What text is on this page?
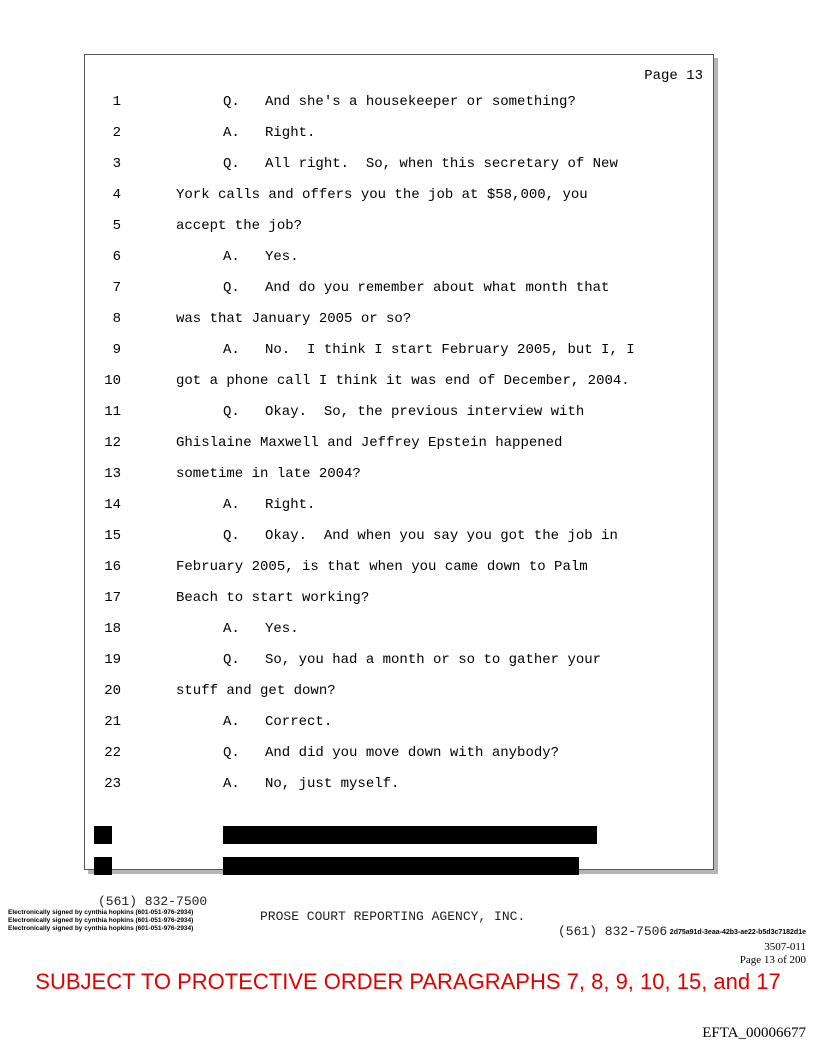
Page 13
1	Q.   And she's a housekeeper or something?
2	A.   Right.
3	Q.   All right.  So, when this secretary of New
4	York calls and offers you the job at $58,000, you
5	accept the job?
6	A.   Yes.
7	Q.   And do you remember about what month that
8	was that January 2005 or so?
9	A.   No.  I think I start February 2005, but I, I
10	got a phone call I think it was end of December, 2004.
11	Q.   Okay.  So, the previous interview with
12	Ghislaine Maxwell and Jeffrey Epstein happened
13	sometime in late 2004?
14	A.   Right.
15	Q.   Okay.  And when you say you got the job in
16	February 2005, is that when you came down to Palm
17	Beach to start working?
18	A.   Yes.
19	Q.   So, you had a month or so to gather your
20	stuff and get down?
21	A.   Correct.
22	Q.   And did you move down with anybody?
23	A.   No, just myself.

(561) 832-7500

PROSE COURT REPORTING AGENCY, INC.

(561) 832-7506

Electronically signed by cynthia hopkins (601-051-976-2934)
Electronically signed by cynthia hopkins (601-051-976-2934)
Electronically signed by cynthia hopkins (601-051-976-2934)
2d75a91d-3eaa-42b3-ae22-b5d3c7182d1e
3507-011
Page 13 of 200
SUBJECT TO PROTECTIVE ORDER PARAGRAPHS 7, 8, 9, 10, 15, and 17
EFTA_00006677
